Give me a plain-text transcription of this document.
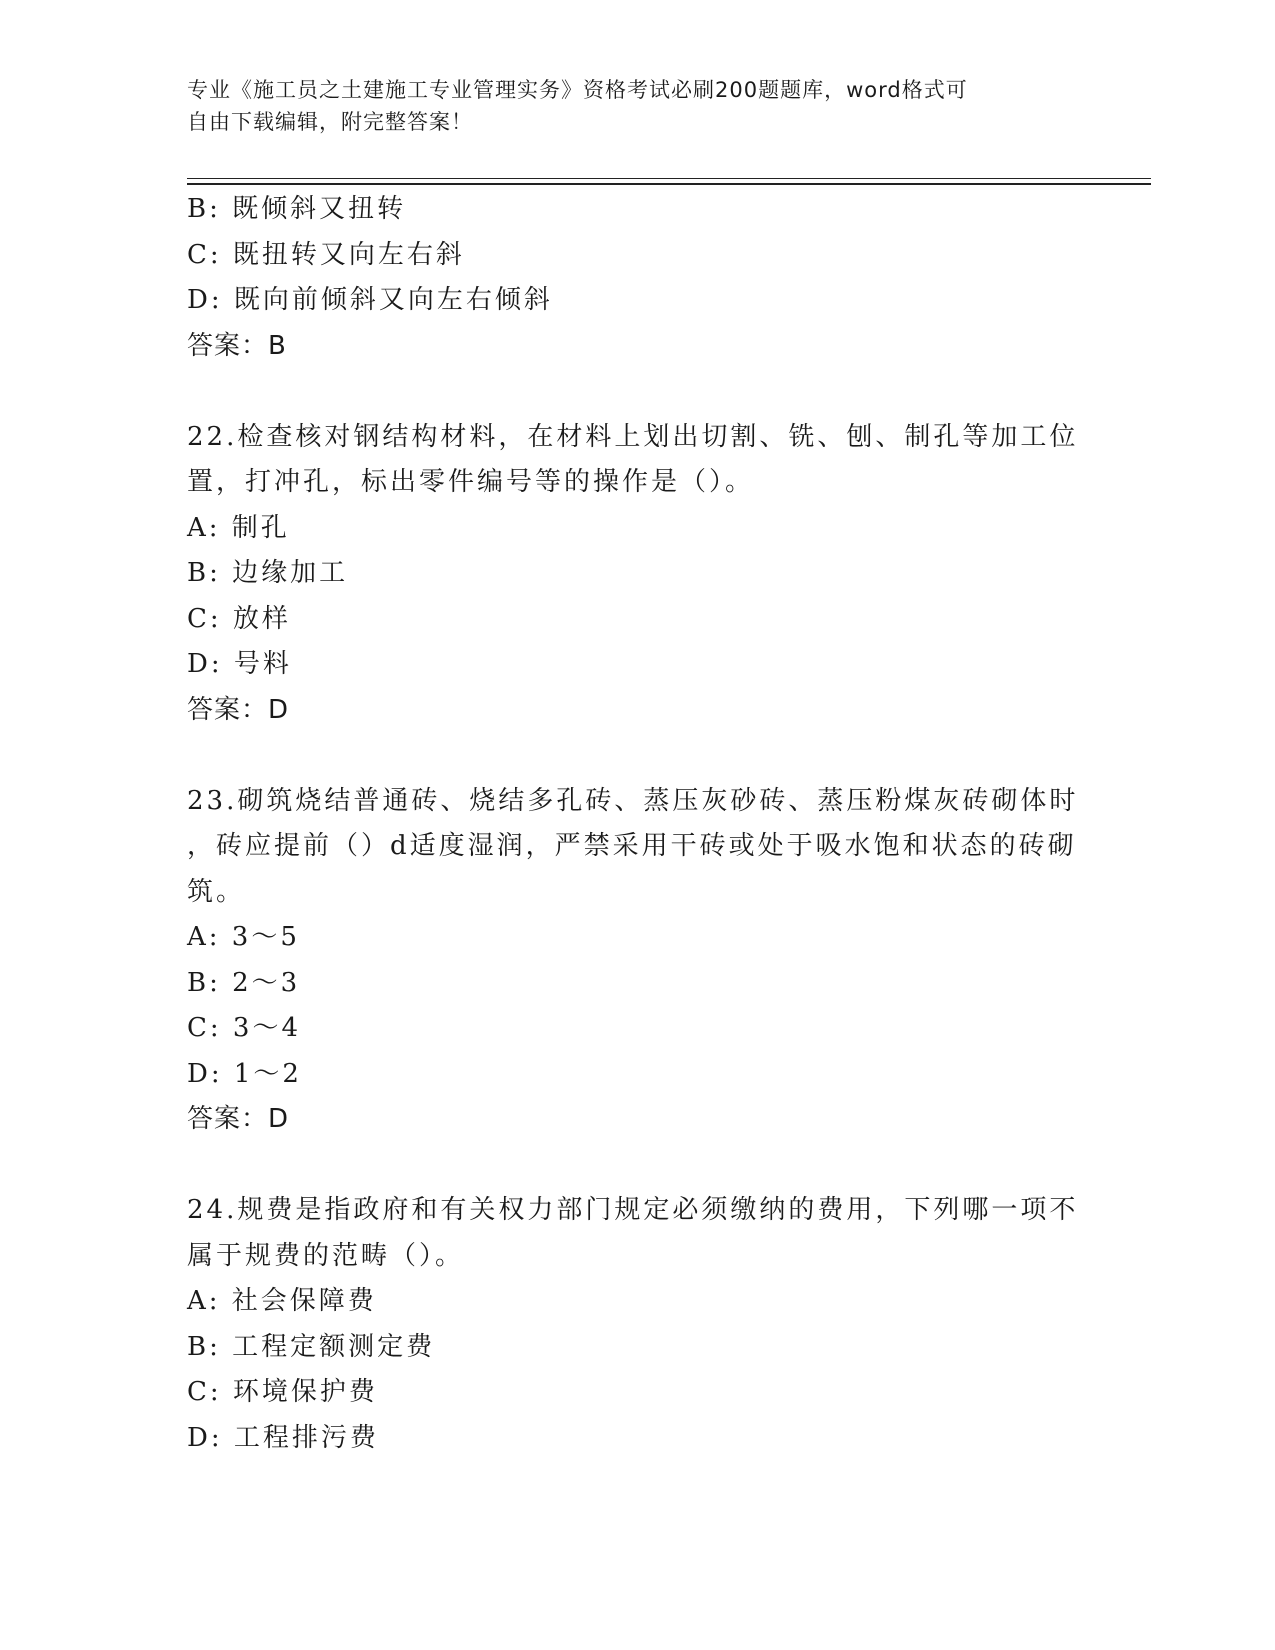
专业《施工员之土建施工专业管理实务》资格考试必刷200题题库，word格式可
自由下载编辑，附完整答案！
B: 既倾斜又扭转
C: 既扭转又向左右斜
D: 既向前倾斜又向左右倾斜
答案：B
22.检查核对钢结构材料，在材料上划出切割、铣、刨、制孔等加工位
置，打冲孔，标出零件编号等的操作是（）。
A: 制孔
B: 边缘加工
C: 放样
D: 号料
答案：D
23.砌筑烧结普通砖、烧结多孔砖、蒸压灰砂砖、蒸压粉煤灰砖砌体时
，砖应提前（）d适度湿润，严禁采用干砖或处于吸水饱和状态的砖砌
筑。
A: 3～5
B: 2～3
C: 3～4
D: 1～2
答案：D
24.规费是指政府和有关权力部门规定必须缴纳的费用，下列哪一项不
属于规费的范畴（）。
A: 社会保障费
B: 工程定额测定费
C: 环境保护费
D: 工程排污费
